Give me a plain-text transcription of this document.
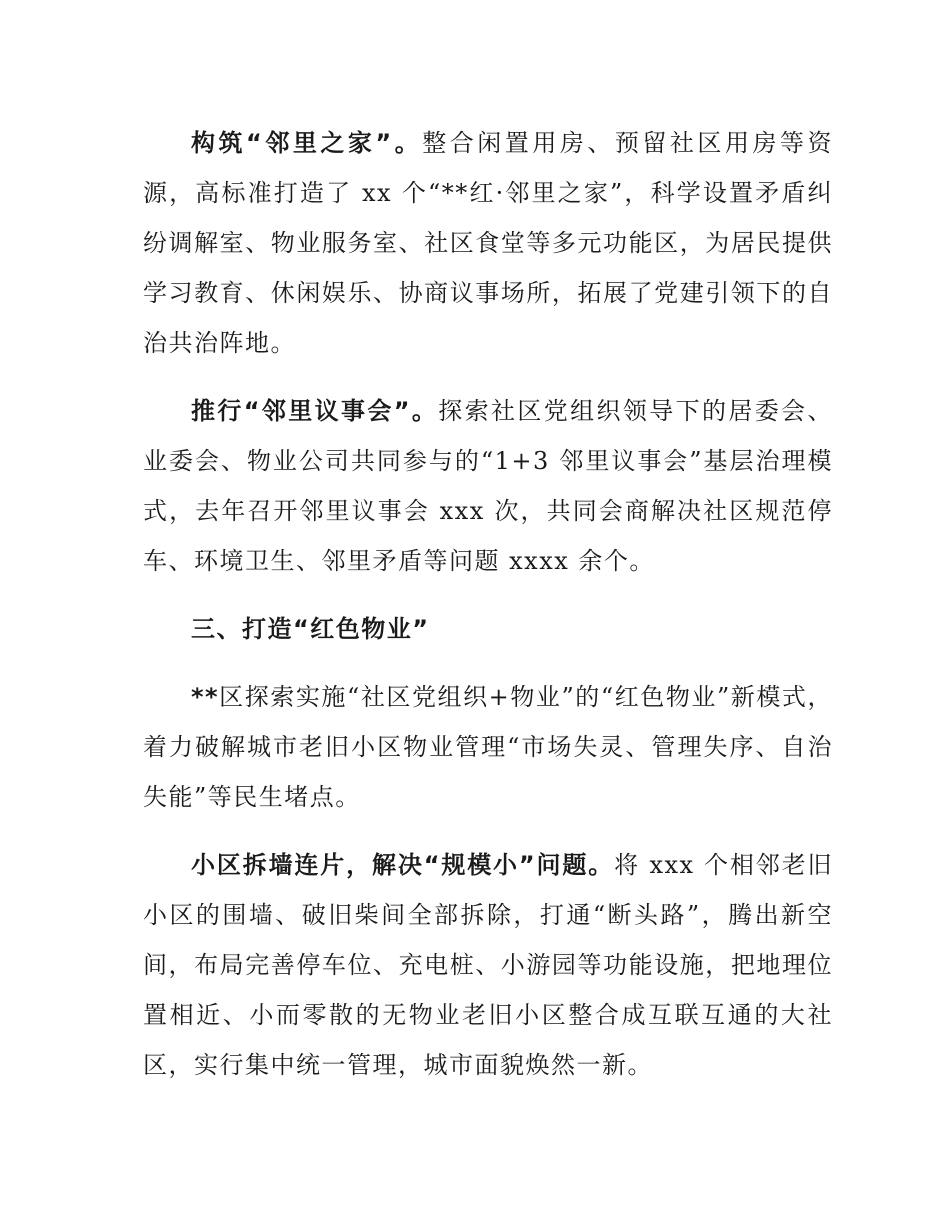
构筑“邻里之家”。整合闲置用房、预留社区用房等资源，高标准打造了 xx 个“**红·邻里之家”，科学设置矛盾纠纷调解室、物业服务室、社区食堂等多元功能区，为居民提供学习教育、休闲娱乐、协商议事场所，拓展了党建引领下的自治共治阵地。

推行“邻里议事会”。探索社区党组织领导下的居委会、业委会、物业公司共同参与的“1+3 邻里议事会”基层治理模式，去年召开邻里议事会 xxx 次，共同会商解决社区规范停车、环境卫生、邻里矛盾等问题 xxxx 余个。

三、打造“红色物业”

**区探索实施“社区党组织+物业”的“红色物业”新模式，着力破解城市老旧小区物业管理“市场失灵、管理失序、自治失能”等民生堵点。

小区拆墙连片，解决“规模小”问题。将 xxx 个相邻老旧小区的围墙、破旧柴间全部拆除，打通“断头路”，腾出新空间，布局完善停车位、充电桩、小游园等功能设施，把地理位置相近、小而零散的无物业老旧小区整合成互联互通的大社区，实行集中统一管理，城市面貌焕然一新。
